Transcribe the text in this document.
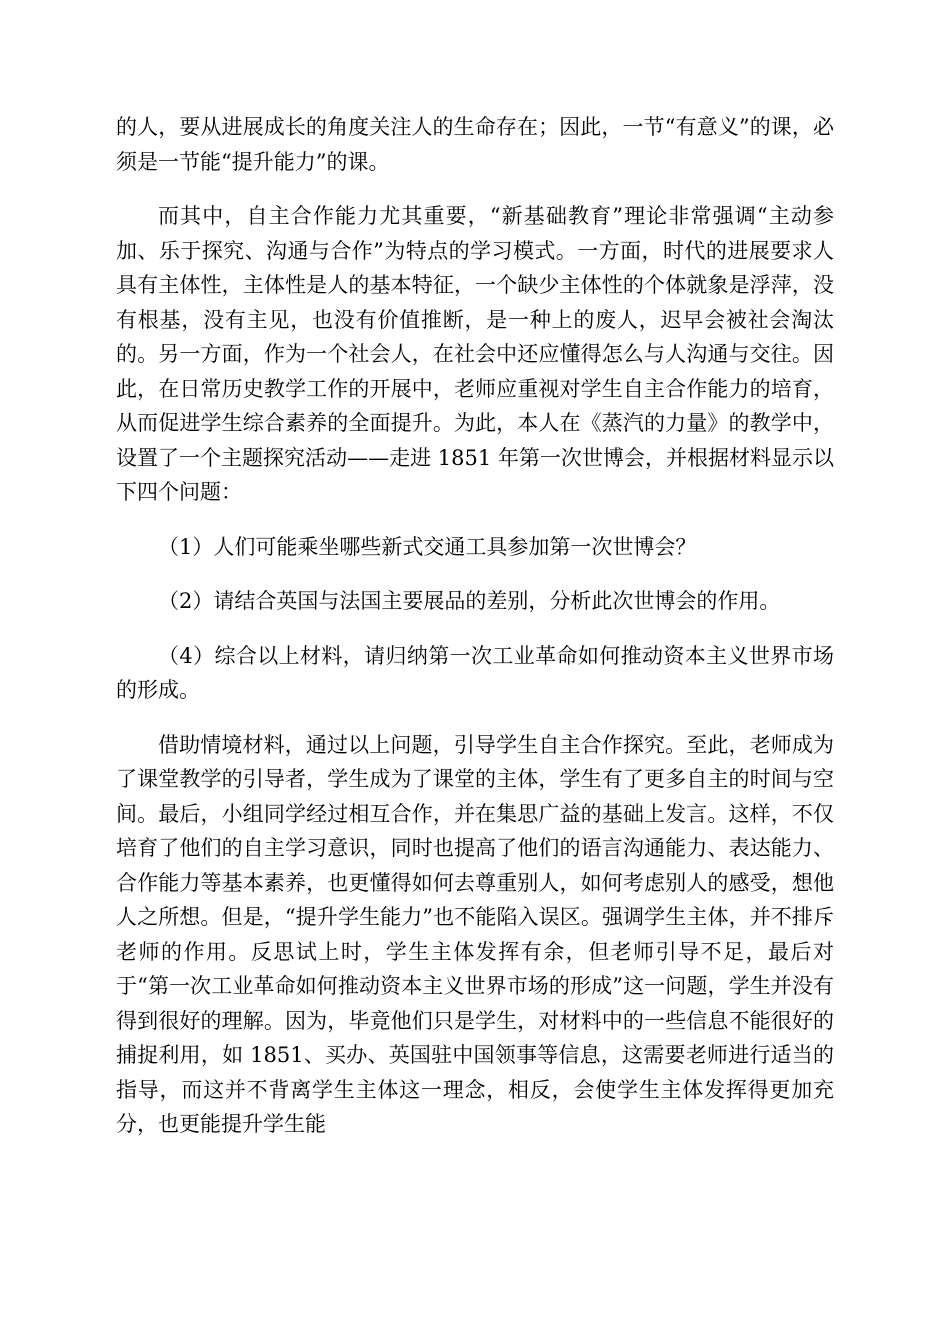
的人，要从进展成长的角度关注人的生命存在；因此，一节“有意义”的课，必须是一节能“提升能力”的课。

而其中，自主合作能力尤其重要，“新基础教育”理论非常强调“主动参加、乐于探究、沟通与合作”为特点的学习模式。一方面，时代的进展要求人具有主体性，主体性是人的基本特征，一个缺少主体性的个体就象是浮萍，没有根基，没有主见，也没有价值推断，是一种上的废人，迟早会被社会淘汰的。另一方面，作为一个社会人，在社会中还应懂得怎么与人沟通与交往。因此，在日常历史教学工作的开展中，老师应重视对学生自主合作能力的培育，从而促进学生综合素养的全面提升。为此，本人在《蒸汽的力量》的教学中，设置了一个主题探究活动——走进 1851 年第一次世博会，并根据材料显示以下四个问题：

（1）人们可能乘坐哪些新式交通工具参加第一次世博会？

（2）请结合英国与法国主要展品的差别，分析此次世博会的作用。

（4）综合以上材料，请归纳第一次工业革命如何推动资本主义世界市场的形成。

借助情境材料，通过以上问题，引导学生自主合作探究。至此，老师成为了课堂教学的引导者，学生成为了课堂的主体，学生有了更多自主的时间与空间。最后，小组同学经过相互合作，并在集思广益的基础上发言。这样，不仅培育了他们的自主学习意识，同时也提高了他们的语言沟通能力、表达能力、合作能力等基本素养，也更懂得如何去尊重别人，如何考虑别人的感受，想他人之所想。但是，“提升学生能力”也不能陷入误区。强调学生主体，并不排斥老师的作用。反思试上时，学生主体发挥有余，但老师引导不足，最后对于“第一次工业革命如何推动资本主义世界市场的形成”这一问题，学生并没有得到很好的理解。因为，毕竟他们只是学生，对材料中的一些信息不能很好的捕捉利用，如 1851、买办、英国驻中国领事等信息，这需要老师进行适当的指导，而这并不背离学生主体这一理念，相反，会使学生主体发挥得更加充分，也更能提升学生能
